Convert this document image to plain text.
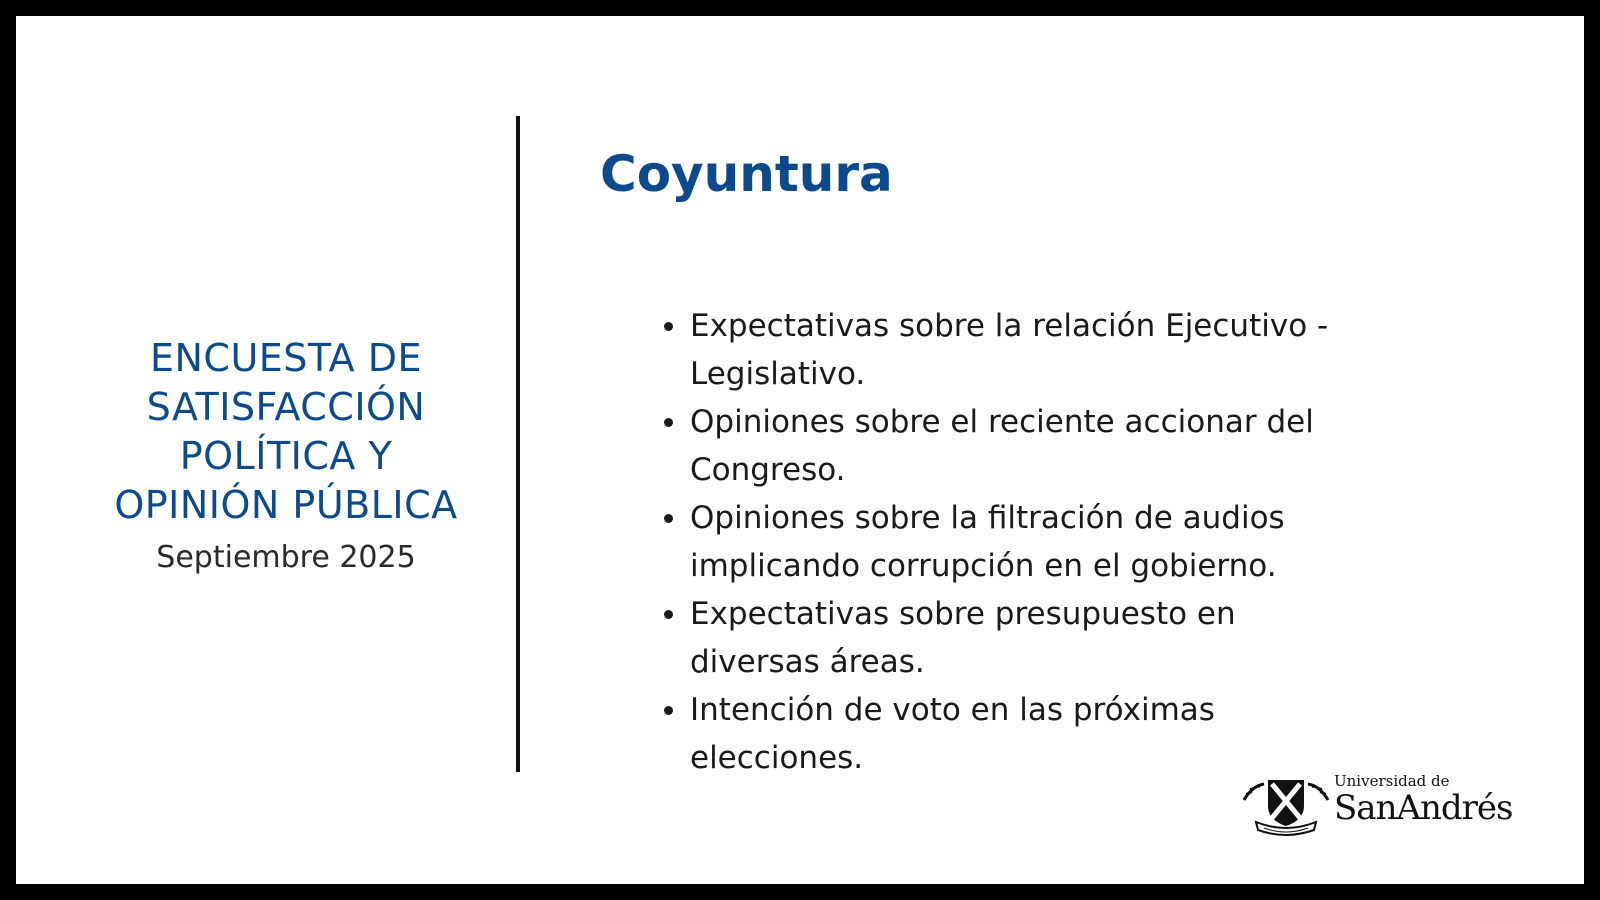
ENCUESTA DE
SATISFACCIÓN
POLÍTICA Y
OPINIÓN PÚBLICA
Septiembre 2025
Coyuntura
Expectativas sobre la relación Ejecutivo -
Legislativo.
Opiniones sobre el reciente accionar del
Congreso.
Opiniones sobre la filtración de audios
implicando corrupción en el gobierno.
Expectativas sobre presupuesto en
diversas áreas.
Intención de voto en las próximas
elecciones.
Universidad de
SanAndrés
